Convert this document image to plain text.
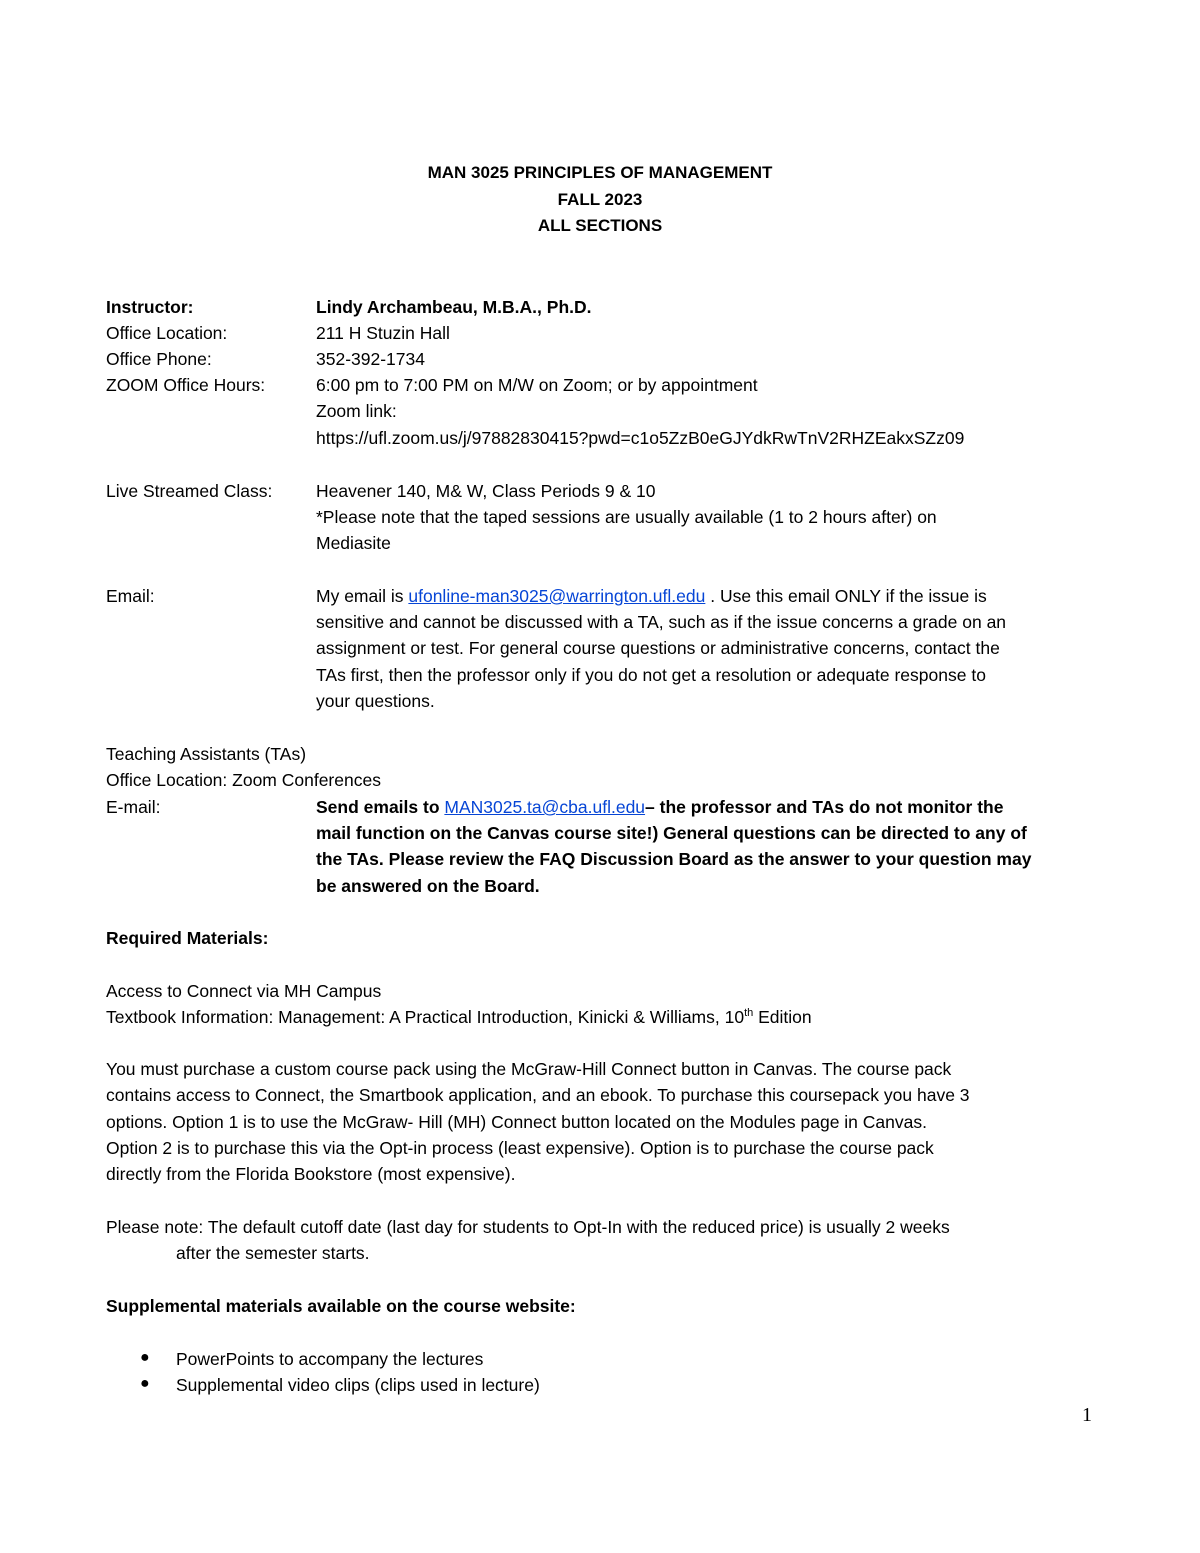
MAN 3025 PRINCIPLES OF MANAGEMENT
FALL 2023
ALL SECTIONS
Instructor:	Lindy Archambeau, M.B.A., Ph.D.
Office Location:	211 H Stuzin Hall
Office Phone:	352-392-1734
ZOOM Office Hours:	6:00 pm to 7:00 PM on M/W on Zoom; or by appointment
Zoom link:
https://ufl.zoom.us/j/97882830415?pwd=c1o5ZzB0eGJYdkRwTnV2RHZEakxSZz09
Live Streamed Class: Heavener 140, M& W, Class Periods 9 & 10
*Please note that the taped sessions are usually available (1 to 2 hours after) on
Mediasite
Email:	My email is ufonline-man3025@warrington.ufl.edu . Use this email ONLY if the issue is
sensitive and cannot be discussed with a TA, such as if the issue concerns a grade on an
assignment or test. For general course questions or administrative concerns, contact the
TAs first, then the professor only if you do not get a resolution or adequate response to
your questions.
Teaching Assistants (TAs)
Office Location: Zoom Conferences
E-mail:	Send emails to MAN3025.ta@cba.ufl.edu– the professor and TAs do not monitor the
mail function on the Canvas course site!) General questions can be directed to any of
the TAs. Please review the FAQ Discussion Board as the answer to your question may
be answered on the Board.
Required Materials:
Access to Connect via MH Campus
Textbook Information: Management: A Practical Introduction, Kinicki & Williams, 10th Edition
You must purchase a custom course pack using the McGraw-Hill Connect button in Canvas. The course pack
contains access to Connect, the Smartbook application, and an ebook. To purchase this coursepack you have 3
options. Option 1 is to use the McGraw- Hill (MH) Connect button located on the Modules page in Canvas.
Option 2 is to purchase this via the Opt-in process (least expensive). Option is to purchase the course pack
directly from the Florida Bookstore (most expensive).
Please note: The default cutoff date (last day for students to Opt-In with the reduced price) is usually 2 weeks
after the semester starts.
Supplemental materials available on the course website:
● PowerPoints to accompany the lectures
● Supplemental video clips (clips used in lecture)
1
